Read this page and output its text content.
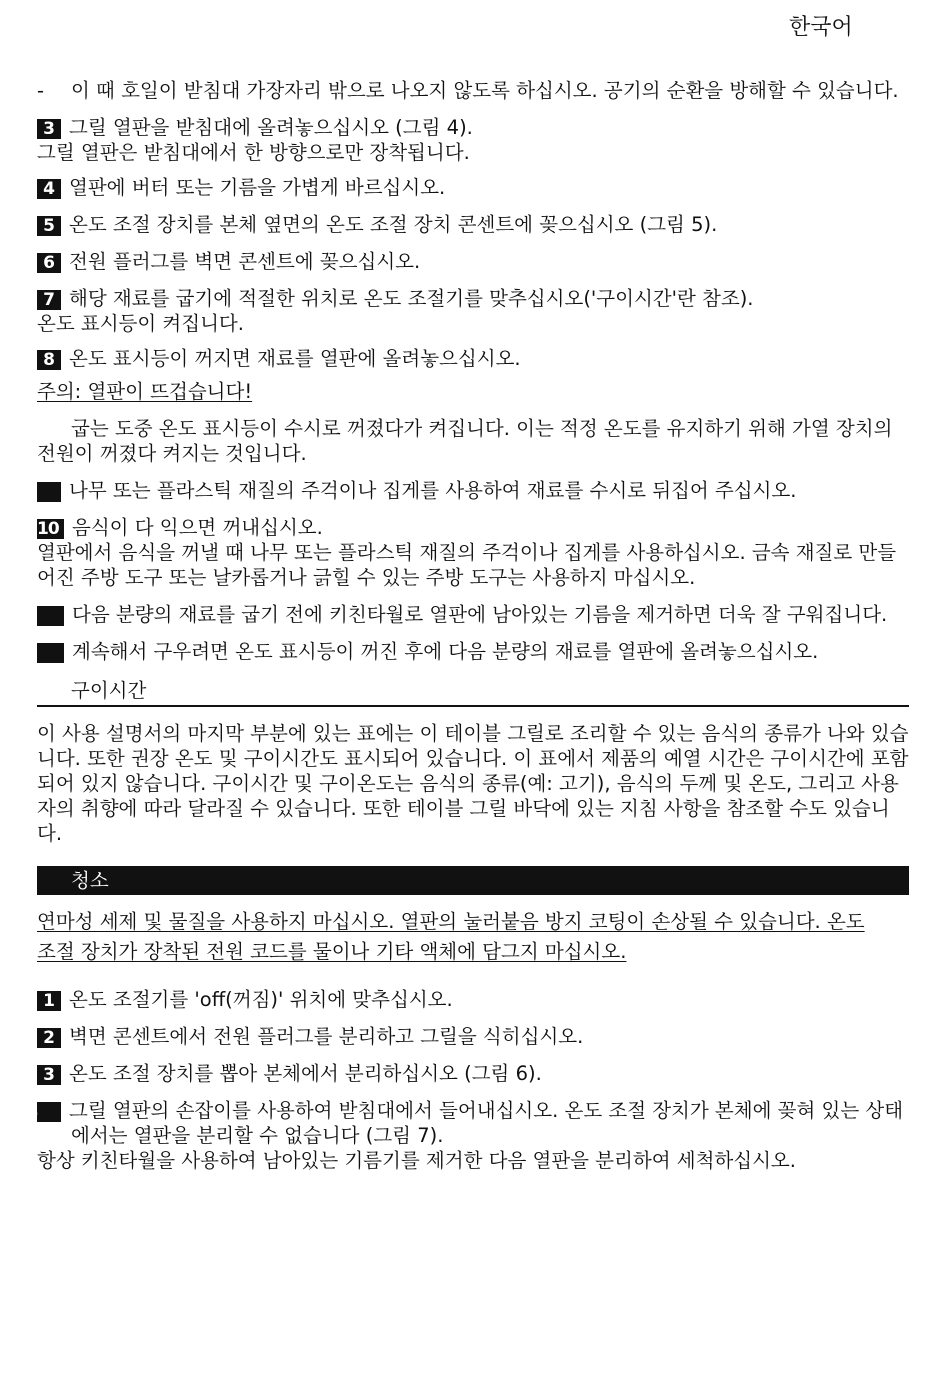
한국어
- 이 때 호일이 받침대 가장자리 밖으로 나오지 않도록 하십시오. 공기의 순환을 방해할 수 있습니다.
3 그릴 열판을 받침대에 올려놓으십시오 (그림 4).
그릴 열판은 받침대에서 한 방향으로만 장착됩니다.
4 열판에 버터 또는 기름을 가볍게 바르십시오.
5 온도 조절 장치를 본체 옆면의 온도 조절 장치 콘센트에 꽂으십시오 (그림 5).
6 전원 플러그를 벽면 콘센트에 꽂으십시오.
7 해당 재료를 굽기에 적절한 위치로 온도 조절기를 맞추십시오('구이시간'란 참조).
온도 표시등이 켜집니다.
8 온도 표시등이 꺼지면 재료를 열판에 올려놓으십시오.
주의: 열판이 뜨겁습니다!
굽는 도중 온도 표시등이 수시로 꺼졌다가 켜집니다. 이는 적정 온도를 유지하기 위해 가열 장치의 전원이 꺼졌다 켜지는 것입니다.
9 나무 또는 플라스틱 재질의 주걱이나 집게를 사용하여 재료를 수시로 뒤집어 주십시오.
10 음식이 다 익으면 꺼내십시오.
열판에서 음식을 꺼낼 때 나무 또는 플라스틱 재질의 주걱이나 집게를 사용하십시오. 금속 재질로 만들어진 주방 도구 또는 날카롭거나 긁힐 수 있는 주방 도구는 사용하지 마십시오.
11 다음 분량의 재료를 굽기 전에 키친타월로 열판에 남아있는 기름을 제거하면 더욱 잘 구워집니다.
12 계속해서 구우려면 온도 표시등이 꺼진 후에 다음 분량의 재료를 열판에 올려놓으십시오.
구이시간
이 사용 설명서의 마지막 부분에 있는 표에는 이 테이블 그릴로 조리할 수 있는 음식의 종류가 나와 있습니다. 또한 권장 온도 및 구이시간도 표시되어 있습니다. 이 표에서 제품의 예열 시간은 구이시간에 포함되어 있지 않습니다. 구이시간 및 구이온도는 음식의 종류(예: 고기), 음식의 두께 및 온도, 그리고 사용자의 취향에 따라 달라질 수 있습니다. 또한 테이블 그릴 바닥에 있는 지침 사항을 참조할 수도 있습니다.
청소
연마성 세제 및 물질을 사용하지 마십시오. 열판의 눌러붙음 방지 코팅이 손상될 수 있습니다. 온도 조절 장치가 장착된 전원 코드를 물이나 기타 액체에 담그지 마십시오.
1 온도 조절기를 'off(꺼짐)' 위치에 맞추십시오.
2 벽면 콘센트에서 전원 플러그를 분리하고 그릴을 식히십시오.
3 온도 조절 장치를 뽑아 본체에서 분리하십시오 (그림 6).
4 그릴 열판의 손잡이를 사용하여 받침대에서 들어내십시오. 온도 조절 장치가 본체에 꽂혀 있는 상태에서는 열판을 분리할 수 없습니다 (그림 7).
항상 키친타월을 사용하여 남아있는 기름기를 제거한 다음 열판을 분리하여 세척하십시오.
